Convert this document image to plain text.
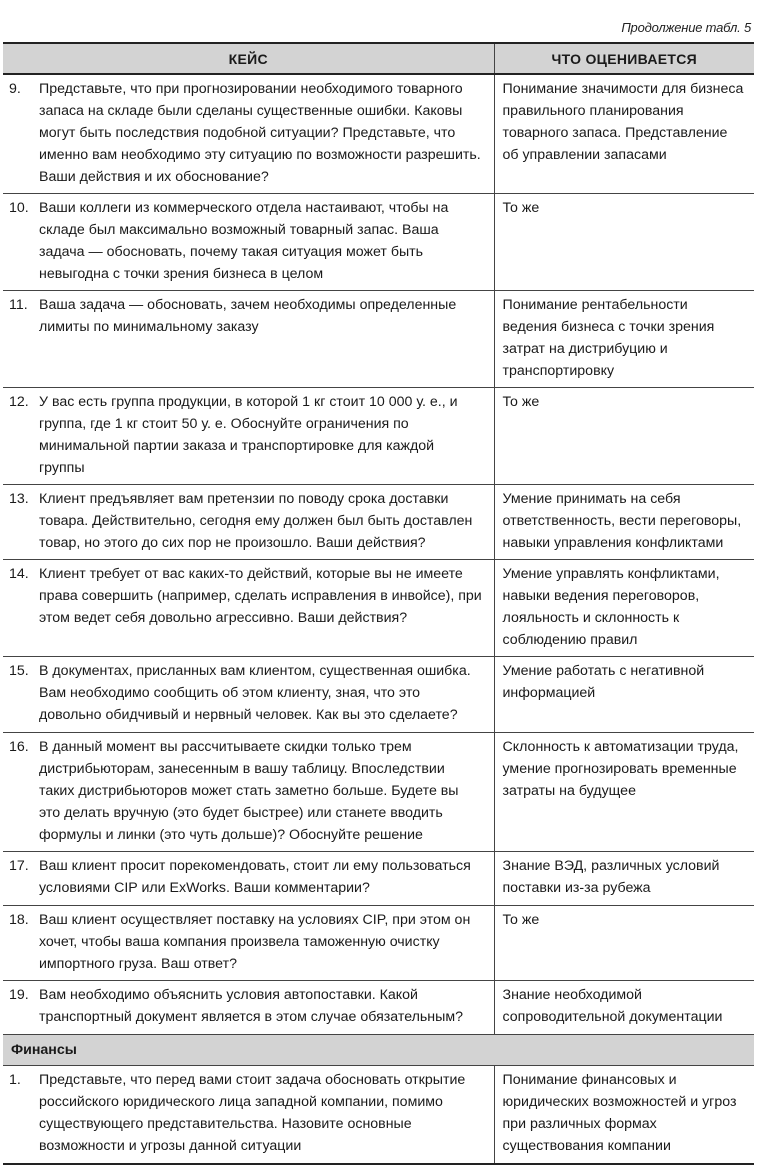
Продолжение табл. 5
КЕЙС	ЧТО ОЦЕНИВАЕТСЯ

9. Представьте, что при прогнозировании необходимого товарного запаса на складе были сделаны существенные ошибки. Каковы могут быть последствия подобной ситуации? Представьте, что именно вам необходимо эту ситуацию по возможности разрешить. Ваши действия и их обоснование?	Понимание значимости для бизнеса правильного планирования товарного запаса. Представление об управлении запасами

10. Ваши коллеги из коммерческого отдела настаивают, чтобы на складе был максимально возможный товарный запас. Ваша задача — обосновать, почему такая ситуация может быть невыгодна с точки зрения бизнеса в целом	То же

11. Ваша задача — обосновать, зачем необходимы определенные лимиты по минимальному заказу	Понимание рентабельности ведения бизнеса с точки зрения затрат на дистрибуцию и транспортировку

12. У вас есть группа продукции, в которой 1 кг стоит 10 000 у. е., и группа, где 1 кг стоит 50 у. е. Обоснуйте ограничения по минимальной партии заказа и транспортировке для каждой группы	То же

13. Клиент предъявляет вам претензии по поводу срока доставки товара. Действительно, сегодня ему должен был быть доставлен товар, но этого до сих пор не произошло. Ваши действия?	Умение принимать на себя ответственность, вести переговоры, навыки управления конфликтами

14. Клиент требует от вас каких-то действий, которые вы не имеете права совершить (например, сделать исправления в инвойсе), при этом ведет себя довольно агрессивно. Ваши действия?	Умение управлять конфликтами, навыки ведения переговоров, лояльность и склонность к соблюдению правил

15. В документах, присланных вам клиентом, существенная ошибка. Вам необходимо сообщить об этом клиенту, зная, что это довольно обидчивый и нервный человек. Как вы это сделаете?	Умение работать с негативной информацией

16. В данный момент вы рассчитываете скидки только трем дистрибьюторам, занесенным в вашу таблицу. Впоследствии таких дистрибьюторов может стать заметно больше. Будете вы это делать вручную (это будет быстрее) или станете вводить формулы и линки (это чуть дольше)? Обоснуйте решение	Склонность к автоматизации труда, умение прогнозировать временные затраты на будущее

17. Ваш клиент просит порекомендовать, стоит ли ему пользоваться условиями CIP или ExWorks. Ваши комментарии?	Знание ВЭД, различных условий поставки из-за рубежа

18. Ваш клиент осуществляет поставку на условиях CIP, при этом он хочет, чтобы ваша компания произвела таможенную очистку импортного груза. Ваш ответ?	То же

19. Вам необходимо объяснить условия автопоставки. Какой транспортный документ является в этом случае обязательным?	Знание необходимой сопроводительной документации
Финансы	

1. Представьте, что перед вами стоит задача обосновать открытие российского юридического лица западной компании, помимо существующего представительства. Назовите основные возможности и угрозы данной ситуации	Понимание финансовых и юридических возможностей и угроз при различных формах существования компании
